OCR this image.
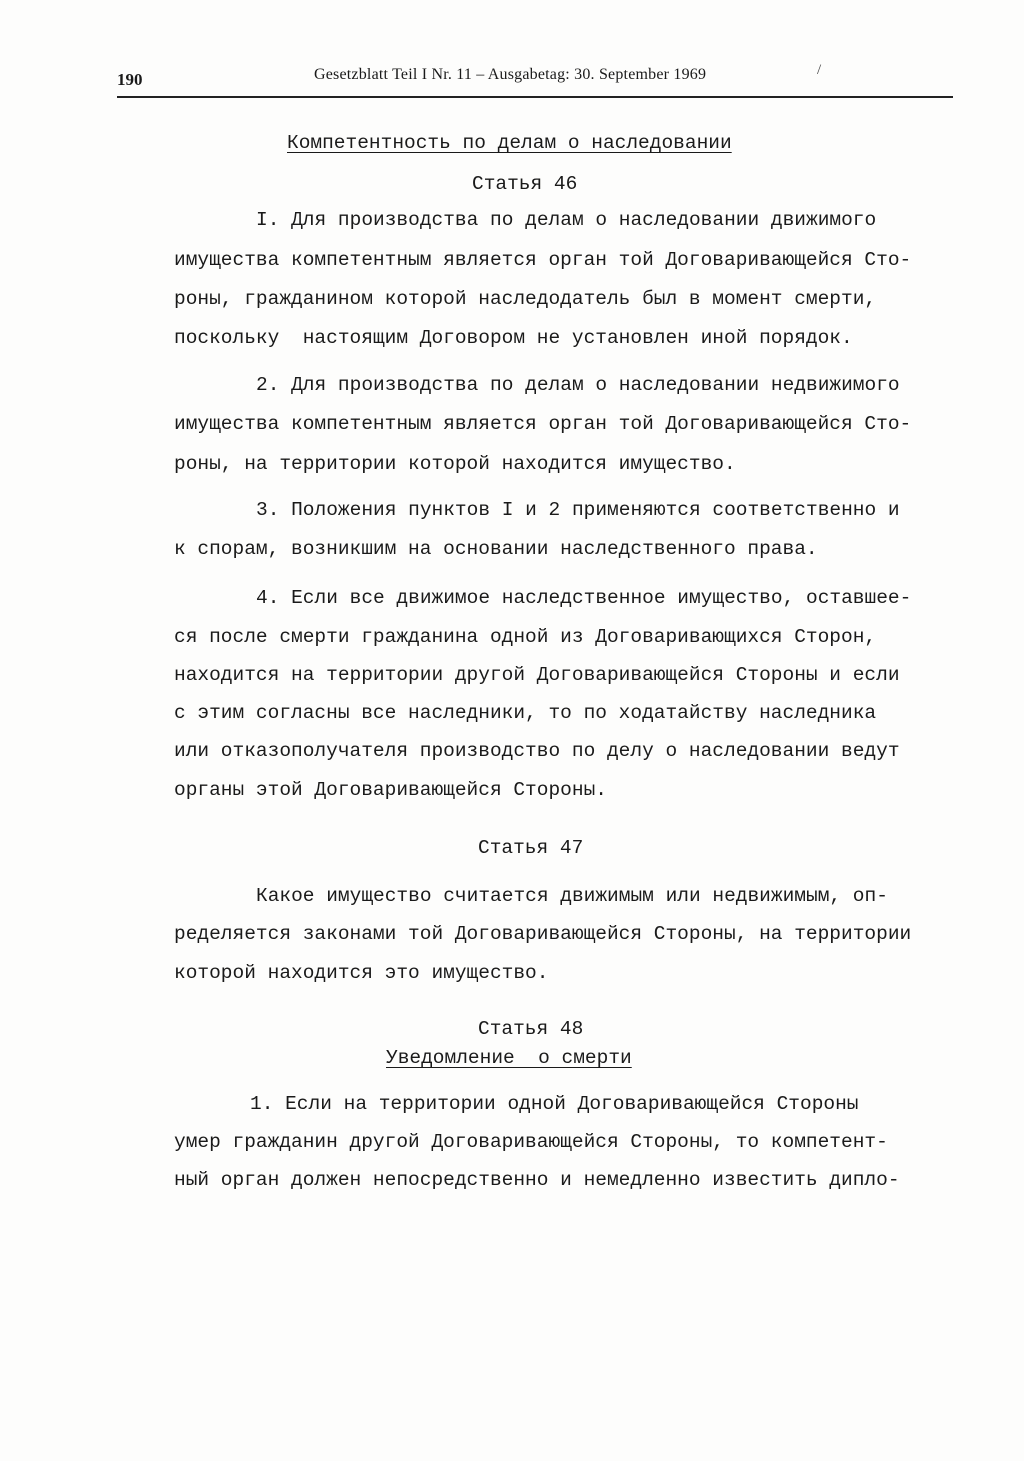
190	Gesetzblatt Teil I Nr. 11 – Ausgabetag: 30. September 1969	/
Компетентность по делам о наследовании
Статья 46
I. Для производства по делам о наследовании движимого
имущества компетентным является орган той Договаривающейся Сто-
роны, гражданином которой наследодатель был в момент смерти,
поскольку  настоящим Договором не установлен иной порядок.
2. Для производства по делам о наследовании недвижимого
имущества компетентным является орган той Договаривающейся Сто-
роны, на территории которой находится имущество.
3. Положения пунктов I и 2 применяются соответственно и
к спорам, возникшим на основании наследственного права.
4. Если все движимое наследственное имущество, оставшее-
ся после смерти гражданина одной из Договаривающихся Сторон,
находится на территории другой Договаривающейся Стороны и если
с этим согласны все наследники, то по ходатайству наследника
или отказополучателя производство по делу о наследовании ведут
органы этой Договаривающейся Стороны.
Статья 47
Какое имущество считается движимым или недвижимым, оп-
ределяется законами той Договаривающейся Стороны, на территории
которой находится это имущество.
Статья 48
Уведомление  о смерти
1. Если на территории одной Договаривающейся Стороны
умер гражданин другой Договаривающейся Стороны, то компетент-
ный орган должен непосредственно и немедленно известить дипло-
